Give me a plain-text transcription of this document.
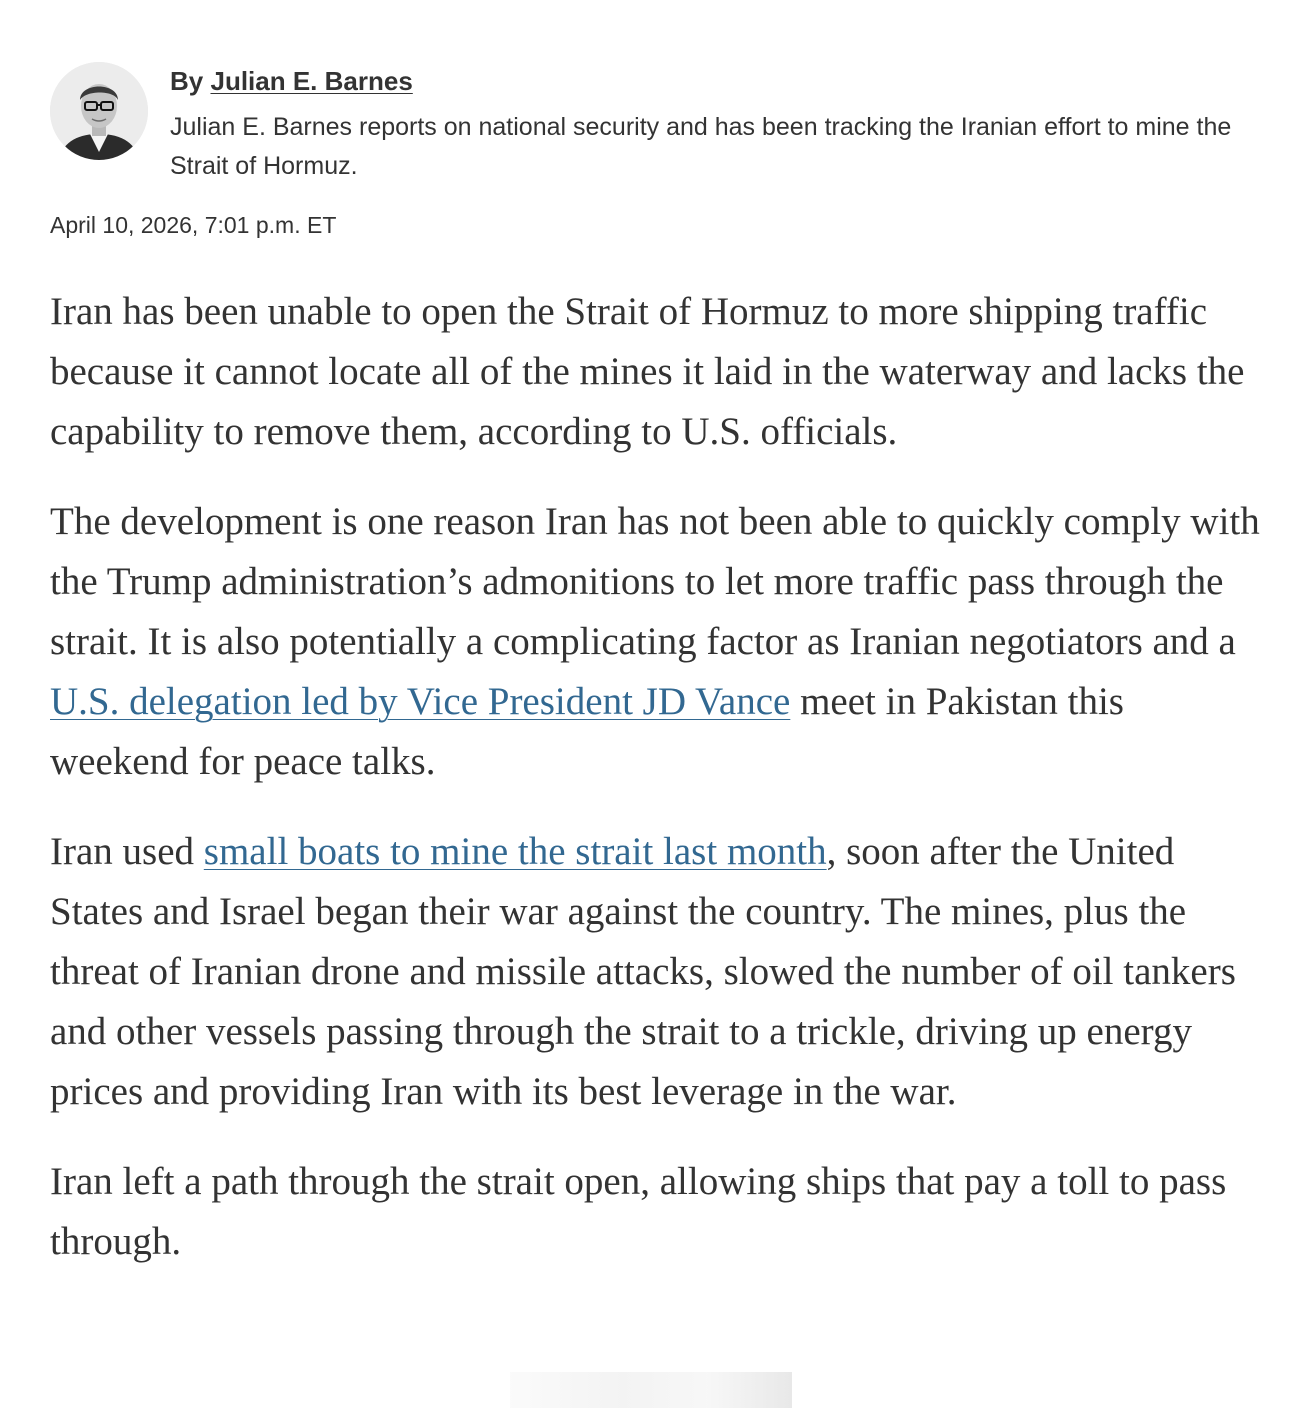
By Julian E. Barnes
Julian E. Barnes reports on national security and has been tracking the Iranian effort to mine the Strait of Hormuz.
April 10, 2026, 7:01 p.m. ET

Iran has been unable to open the Strait of Hormuz to more shipping traffic because it cannot locate all of the mines it laid in the waterway and lacks the capability to remove them, according to U.S. officials.

The development is one reason Iran has not been able to quickly comply with the Trump administration’s admonitions to let more traffic pass through the strait. It is also potentially a complicating factor as Iranian negotiators and a U.S. delegation led by Vice President JD Vance meet in Pakistan this weekend for peace talks.

Iran used small boats to mine the strait last month, soon after the United States and Israel began their war against the country. The mines, plus the threat of Iranian drone and missile attacks, slowed the number of oil tankers and other vessels passing through the strait to a trickle, driving up energy prices and providing Iran with its best leverage in the war.

Iran left a path through the strait open, allowing ships that pay a toll to pass through.
